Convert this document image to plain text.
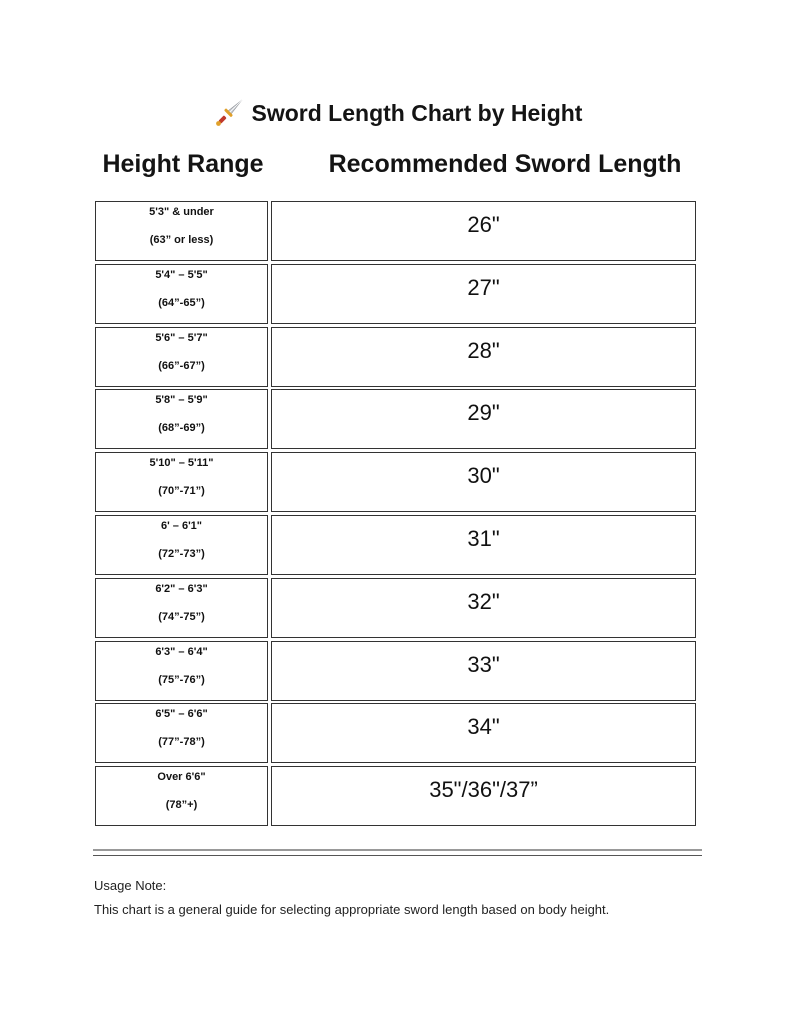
Sword Length Chart by Height
Height Range	Recommended Sword Length
5'3" & under
(63” or less)
26"
5'4" – 5'5"
(64”-65”)
27"
5'6" – 5'7"
(66”-67”)
28"
5'8" – 5'9"
(68”-69”)
29"
5'10" – 5'11"
(70”-71”)
30"
6' – 6'1"
(72”-73”)
31"
6'2" – 6'3"
(74”-75”)
32"
6'3" – 6'4"
(75”-76”)
33"
6'5" – 6'6"
(77”-78”)
34"
Over 6'6"
(78”+)
35"/36"/37”
Usage Note:
This chart is a general guide for selecting appropriate sword length based on body height.
